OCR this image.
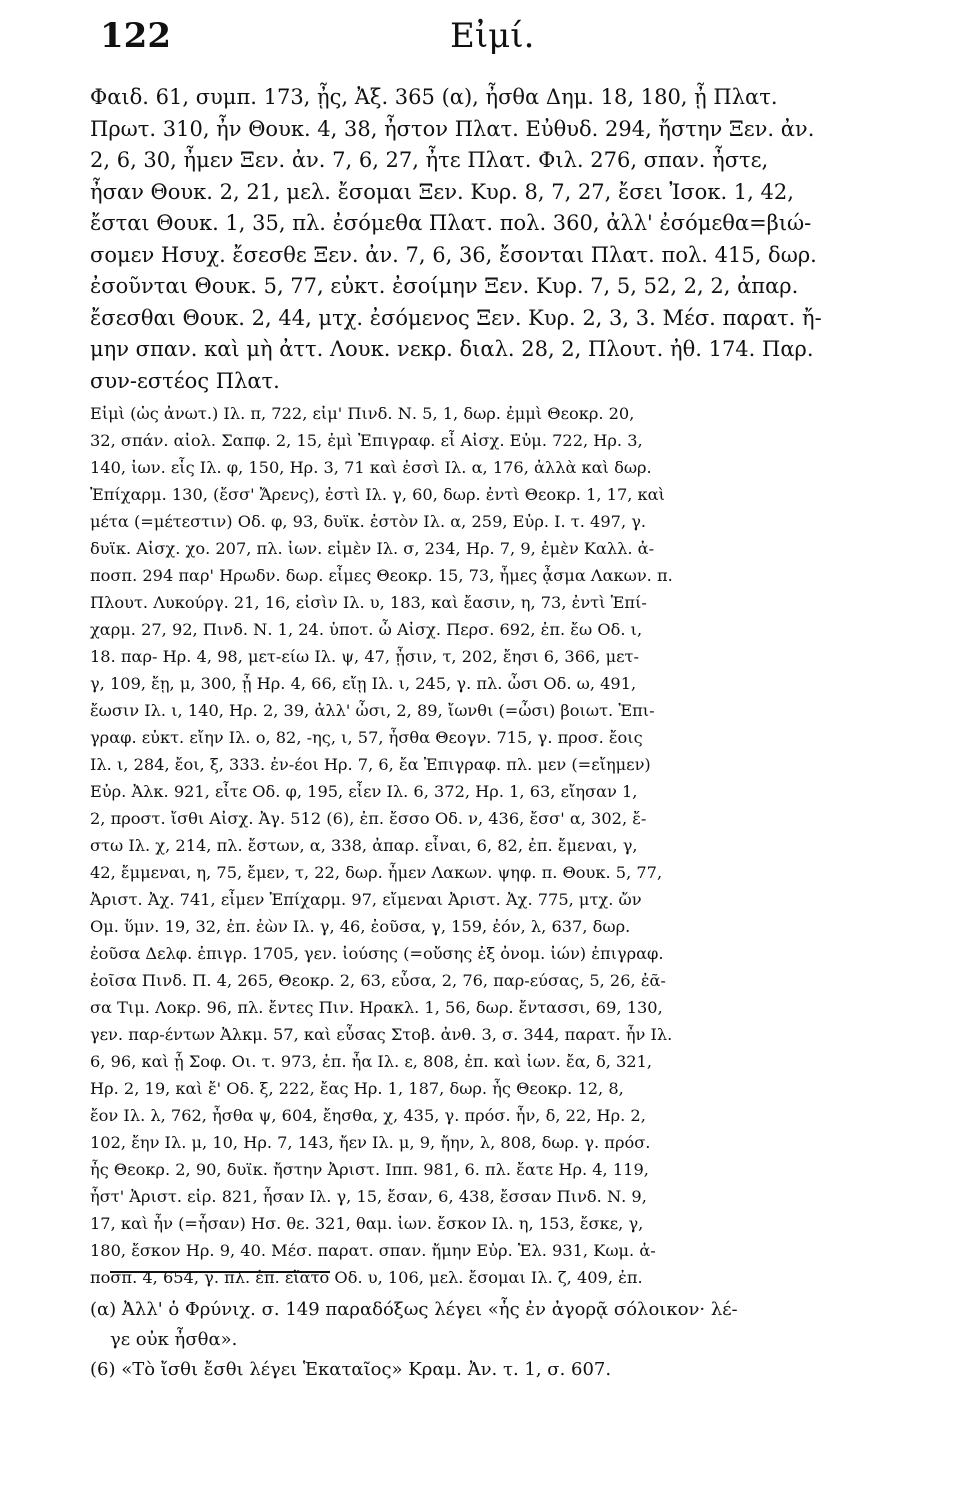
122	Εἰμί.

Φαιδ. 61, συμπ. 173, ᾖς, Ἀξ. 365 (α), ἦσθα Δημ. 18, 180, ᾖ Πλατ.

Πρωτ. 310, ἦν Θουκ. 4, 38, ἦστον Πλατ. Εὐθυδ. 294, ἤστην Ξεν. ἀν.

2, 6, 30, ἦμεν Ξεν. ἀν. 7, 6, 27, ἦτε Πλατ. Φιλ. 276, σπαν. ἦστε,

ἦσαν Θουκ. 2, 21, μελ. ἔσομαι Ξεν. Κυρ. 8, 7, 27, ἔσει Ἰσοκ. 1, 42,

ἔσται Θουκ. 1, 35, πλ. ἐσόμεθα Πλατ. πολ. 360, ἀλλ' ἐσόμεθα=βιώ-

σομεν Ησυχ. ἔσεσθε Ξεν. ἀν. 7, 6, 36, ἔσονται Πλατ. πολ. 415, δωρ.

ἐσοῦνται Θουκ. 5, 77, εὐκτ. ἐσοίμην Ξεν. Κυρ. 7, 5, 52, 2, 2, ἀπαρ.

ἔσεσθαι Θουκ. 2, 44, μτχ. ἐσόμενος Ξεν. Κυρ. 2, 3, 3. Μέσ. παρατ. ἤ-

μην σπαν. καὶ μὴ ἀττ. Λουκ. νεκρ. διαλ. 28, 2, Πλουτ. ἠθ. 174. Παρ.

συν-εστέος Πλατ.

Εἰμὶ (ὡς ἀνωτ.) Ιλ. π, 722, εἰμ' Πινδ. Ν. 5, 1, δωρ. ἐμμὶ Θεοκρ. 20,

32, σπάν. αἰολ. Σαπφ. 2, 15, ἐμὶ Ἐπιγραφ. εἶ Αἰσχ. Εὐμ. 722, Ηρ. 3,

140, ἰων. εἷς Ιλ. φ, 150, Ηρ. 3, 71 καὶ ἐσσὶ Ιλ. α, 176, ἀλλὰ καὶ δωρ.

Ἐπίχαρμ. 130, (ἔσσ' Ἄρενς), ἐστὶ Ιλ. γ, 60, δωρ. ἐντὶ Θεοκρ. 1, 17, καὶ

μέτα (=μέτεστιν) Οδ. φ, 93, δυϊκ. ἐστὸν Ιλ. α, 259, Εὐρ. Ι. τ. 497, γ.

δυϊκ. Αἰσχ. χο. 207, πλ. ἰων. εἰμὲν Ιλ. σ, 234, Ηρ. 7, 9, ἐμὲν Καλλ. ἀ-

ποσπ. 294 παρ' Ηρωδν. δωρ. εἶμες Θεοκρ. 15, 73, ἦμες ᾆσμα Λακων. π.

Πλουτ. Λυκούργ. 21, 16, εἰσὶν Ιλ. υ, 183, καὶ ἔασιν, η, 73, ἐντὶ Ἐπί-

χαρμ. 27, 92, Πινδ. Ν. 1, 24. ὑποτ. ὦ Αἰσχ. Περσ. 692, ἐπ. ἔω Οδ. ι,

18. παρ- Ηρ. 4, 98, μετ-είω Ιλ. ψ, 47, ᾖσιν, τ, 202, ἔησι 6, 366, μετ-

γ, 109, ἔῃ, μ, 300, ᾖ Ηρ. 4, 66, εἴῃ Ιλ. ι, 245, γ. πλ. ὦσι Οδ. ω, 491,

ἔωσιν Ιλ. ι, 140, Ηρ. 2, 39, ἀλλ' ὦσι, 2, 89, ἴωνθι (=ὦσι) βοιωτ. Ἐπι-

γραφ. εὐκτ. εἴην Ιλ. ο, 82, -ης, ι, 57, ἦσθα Θεογν. 715, γ. προσ. ἔοις

Ιλ. ι, 284, ἔοι, ξ, 333. ἐν-έοι Ηρ. 7, 6, ἔα Ἐπιγραφ. πλ. μεν (=εἴημεν)

Εὐρ. Ἀλκ. 921, εἶτε Οδ. φ, 195, εἶεν Ιλ. 6, 372, Ηρ. 1, 63, εἴησαν 1,

2, προστ. ἴσθι Αἰσχ. Ἀγ. 512 (6), ἐπ. ἔσσο Οδ. ν, 436, ἔσσ' α, 302, ἔ-

στω Ιλ. χ, 214, πλ. ἔστων, α, 338, ἀπαρ. εἶναι, 6, 82, ἐπ. ἔμεναι, γ,

42, ἔμμεναι, η, 75, ἔμεν, τ, 22, δωρ. ἦμεν Λακων. ψηφ. π. Θουκ. 5, 77,

Ἀριστ. Ἀχ. 741, εἶμεν Ἐπίχαρμ. 97, εἴμεναι Ἀριστ. Ἀχ. 775, μτχ. ὤν

Ομ. ὕμν. 19, 32, ἐπ. ἐὼν Ιλ. γ, 46, ἐοῦσα, γ, 159, ἐόν, λ, 637, δωρ.

ἐοῦσα Δελφ. ἐπιγρ. 1705, γεν. ἰούσης (=οὔσης ἐξ ὀνομ. ἰών) ἐπιγραφ.

ἐοῖσα Πινδ. Π. 4, 265, Θεοκρ. 2, 63, εὖσα, 2, 76, παρ-εύσας, 5, 26, ἐᾶ-

σα Τιμ. Λοκρ. 96, πλ. ἔντες Πιν. Ηρακλ. 1, 56, δωρ. ἔντασσι, 69, 130,

γεν. παρ-έντων Ἀλκμ. 57, καὶ εὖσας Στοβ. ἀνθ. 3, σ. 344, παρατ. ἦν Ιλ.

6, 96, καὶ ᾖ Σοφ. Οι. τ. 973, ἐπ. ἦα Ιλ. ε, 808, ἐπ. καὶ ἰων. ἔα, δ, 321,

Ηρ. 2, 19, καὶ ἔ' Οδ. ξ, 222, ἔας Ηρ. 1, 187, δωρ. ἦς Θεοκρ. 12, 8,

ἔον Ιλ. λ, 762, ἦσθα ψ, 604, ἔησθα, χ, 435, γ. πρόσ. ἦν, δ, 22, Ηρ. 2,

102, ἔην Ιλ. μ, 10, Ηρ. 7, 143, ἤεν Ιλ. μ, 9, ἤην, λ, 808, δωρ. γ. πρόσ.

ἦς Θεοκρ. 2, 90, δυϊκ. ἤστην Ἀριστ. Ιππ. 981, 6. πλ. ἔατε Ηρ. 4, 119,

ἦστ' Ἀριστ. εἰρ. 821, ἦσαν Ιλ. γ, 15, ἔσαν, 6, 438, ἔσσαν Πινδ. Ν. 9,

17, καὶ ἦν (=ἦσαν) Ησ. θε. 321, θαμ. ἰων. ἔσκον Ιλ. η, 153, ἔσκε, γ,

180, ἔσκον Ηρ. 9, 40. Μέσ. παρατ. σπαν. ἤμην Εὐρ. Ἑλ. 931, Κωμ. ἀ-

ποσπ. 4, 654, γ. πλ. ἐπ. εἴατο Οδ. υ, 106, μελ. ἔσομαι Ιλ. ζ, 409, ἐπ.

(α) Ἀλλ' ὁ Φρύνιχ. σ. 149 παραδόξως λέγει «ἧς ἐν ἀγορᾷ σόλοικον· λέ-

γε οὐκ ἦσθα».

(6) «Τὸ ἴσθι ἔσθι λέγει Ἑκαταῖος» Κραμ. Ἀν. τ. 1, σ. 607.
